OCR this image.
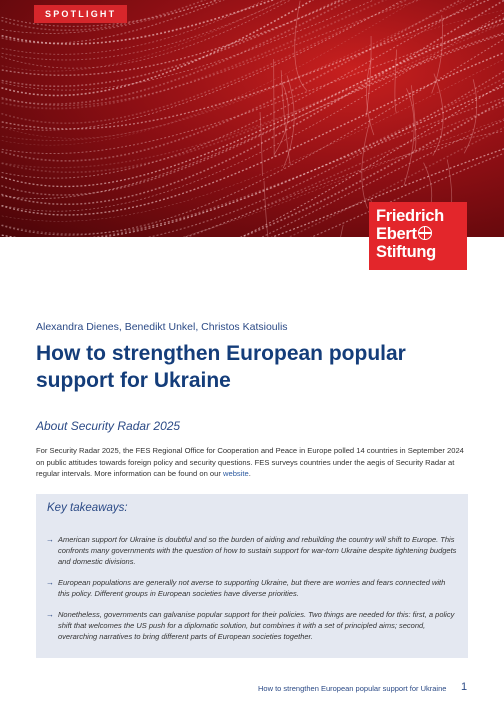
SPOTLIGHT
Friedrich
Ebert
Stiftung
Alexandra Dienes, Benedikt Unkel, Christos Katsioulis
How to strengthen European popular support for Ukraine
About Security Radar 2025

For Security Radar 2025, the FES Regional Office for Cooperation and Peace in Europe polled 14 countries in September 2024 on public attitudes towards foreign policy and security questions. FES surveys countries under the aegis of Security Radar at regular intervals. More information can be found on our website.

Key takeaways:
→ American support for Ukraine is doubtful and so the burden of aiding and rebuilding the country will shift to Europe. This confronts many governments with the question of how to sustain support for war-torn Ukraine despite tightening budgets and domestic divisions.
→ European populations are generally not averse to supporting Ukraine, but there are worries and fears connected with this policy. Different groups in European societies have diverse priorities.
→ Nonetheless, governments can galvanise popular support for their policies. Two things are needed for this: first, a policy shift that welcomes the US push for a diplomatic solution, but combines it with a set of principled aims; second, overarching narratives to bring different parts of European societies together.
How to strengthen European popular support for Ukraine 1
